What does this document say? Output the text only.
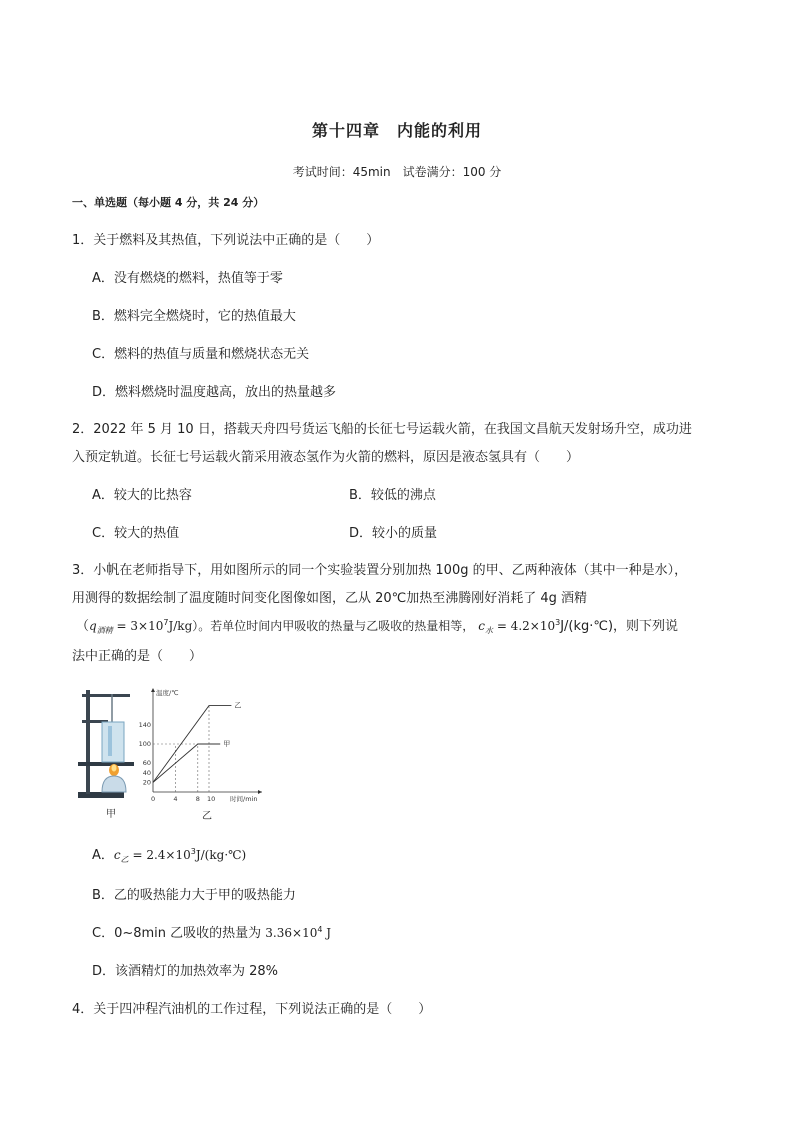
第十四章　内能的利用
考试时间：45min　试卷满分：100 分
一、单选题（每小题 4 分，共 24 分）
1．关于燃料及其热值，下列说法中正确的是（　　）
A．没有燃烧的燃料，热值等于零
B．燃料完全燃烧时，它的热值最大
C．燃料的热值与质量和燃烧状态无关
D．燃料燃烧时温度越高，放出的热量越多
2．2022 年 5 月 10 日，搭载天舟四号货运飞船的长征七号运载火箭，在我国文昌航天发射场升空，成功进
入预定轨道。长征七号运载火箭采用液态氢作为火箭的燃料，原因是液态氢具有（　　）
A．较大的比热容	B．较低的沸点
C．较大的热值	D．较小的质量
3．小帆在老师指导下，用如图所示的同一个实验装置分别加热 100g 的甲、乙两种液体（其中一种是水），
用测得的数据绘制了温度随时间变化图像如图，乙从 20℃加热至沸腾刚好消耗了 4g 酒精
$(q_{酒精} = 3\times 10^7J/kg)$。若单位时间内甲吸收的热量与乙吸收的热量相等， $c_水$ = $4.2\times 10^3J/(kg\cdot℃)$，则下列说
法中正确的是（　　）
甲
温度/℃
时间/min
0	4	8 10
20
40
60
100
140
乙
甲
A．$c_乙$ = $2.4\times 10^3J/(kg\cdot℃)$
B．乙的吸热能力大于甲的吸热能力
C．0~8min 乙吸收的热量为 $3.36\times 10^4$ J
D．该酒精灯的加热效率为 28%
4．关于四冲程汽油机的工作过程，下列说法正确的是（　　）
乙
